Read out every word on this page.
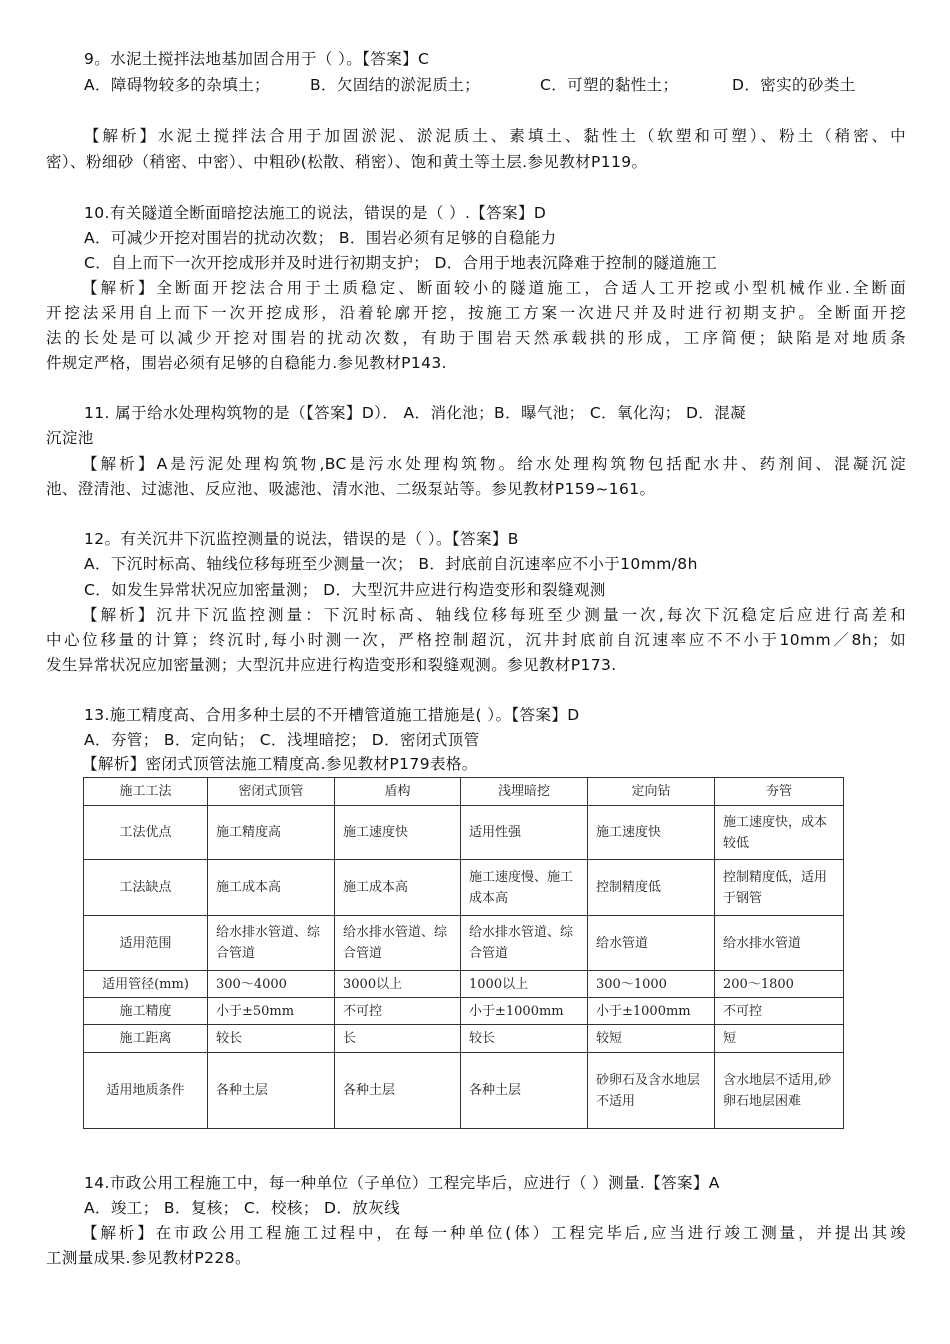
9。水泥土搅拌法地基加固合用于（ ）。【答案】C
A．障碍物较多的杂填土；	B．欠固结的淤泥质土；	C．可塑的黏性土；	D．密实的砂类土
【解析】水泥土搅拌法合用于加固淤泥、淤泥质土、素填土、黏性土（软塑和可塑）、粉土（稍密、中
密）、粉细砂（稍密、中密）、中粗砂(松散、稍密）、饱和黄土等土层.参见教材P119。
10.有关隧道全断面暗挖法施工的说法，错误的是（ ）.【答案】D
A．可减少开挖对围岩的扰动次数； B．围岩必须有足够的自稳能力
C．自上而下一次开挖成形并及时进行初期支护； D．合用于地表沉降难于控制的隧道施工
【解析】全断面开挖法合用于土质稳定、断面较小的隧道施工，合适人工开挖或小型机械作业.全断面
开挖法采用自上而下一次开挖成形，沿着轮廓开挖，按施工方案一次进尺并及时进行初期支护。全断面开挖
法的长处是可以减少开挖对围岩的扰动次数，有助于围岩天然承载拱的形成，工序简便；缺陷是对地质条
件规定严格，围岩必须有足够的自稳能力.参见教材P143.
11. 属于给水处理构筑物的是（【答案】D）． A．消化池；B．曝气池； C．氧化沟； D．混凝
沉淀池
【解析】A是污泥处理构筑物,BC是污水处理构筑物。给水处理构筑物包括配水井、药剂间、混凝沉淀
池、澄清池、过滤池、反应池、吸滤池、清水池、二级泵站等。参见教材P159~161。
12。有关沉井下沉监控测量的说法，错误的是（ ）。【答案】B
A．下沉时标高、轴线位移每班至少测量一次； B．封底前自沉速率应不小于10mm/8h
C．如发生异常状况应加密量测； D．大型沉井应进行构造变形和裂缝观测
【解析】沉井下沉监控测量：下沉时标高、轴线位移每班至少测量一次,每次下沉稳定后应进行高差和
中心位移量的计算；终沉时,每小时测一次，严格控制超沉，沉井封底前自沉速率应不不小于10mm／8h；如
发生异常状况应加密量测；大型沉井应进行构造变形和裂缝观测。参见教材P173.
13.施工精度高、合用多种土层的不开槽管道施工措施是( ）。【答案】D
A．夯管； B．定向钻； C．浅埋暗挖； D．密闭式顶管
【解析】密闭式顶管法施工精度高.参见教材P179表格。
施工工法	密闭式顶管	盾构	浅埋暗挖	定向钻	夯管
工法优点	施工精度高	施工速度快	适用性强	施工速度快	施工速度快，成本较低
工法缺点	施工成本高	施工成本高	施工速度慢、施工成本高	控制精度低	控制精度低，适用于钢管
适用范围	给水排水管道、综合管道	给水排水管道、综合管道	给水排水管道、综合管道	给水管道	给水排水管道
适用管径(mm)	300～4000	3000以上	1000以上	300～1000	200～1800
施工精度	小于±50mm	不可控	小于±1000mm	小于±1000mm	不可控
施工距离	较长	长	较长	较短	短
适用地质条件	各种土层	各种土层	各种土层	砂卵石及含水地层不适用	含水地层不适用,砂卵石地层困难
14.市政公用工程施工中，每一种单位（子单位）工程完毕后，应进行（ ）测量.【答案】A
A．竣工； B．复核； C．校核； D．放灰线
【解析】在市政公用工程施工过程中，在每一种单位(体）工程完毕后,应当进行竣工测量，并提出其竣
工测量成果.参见教材P228。
